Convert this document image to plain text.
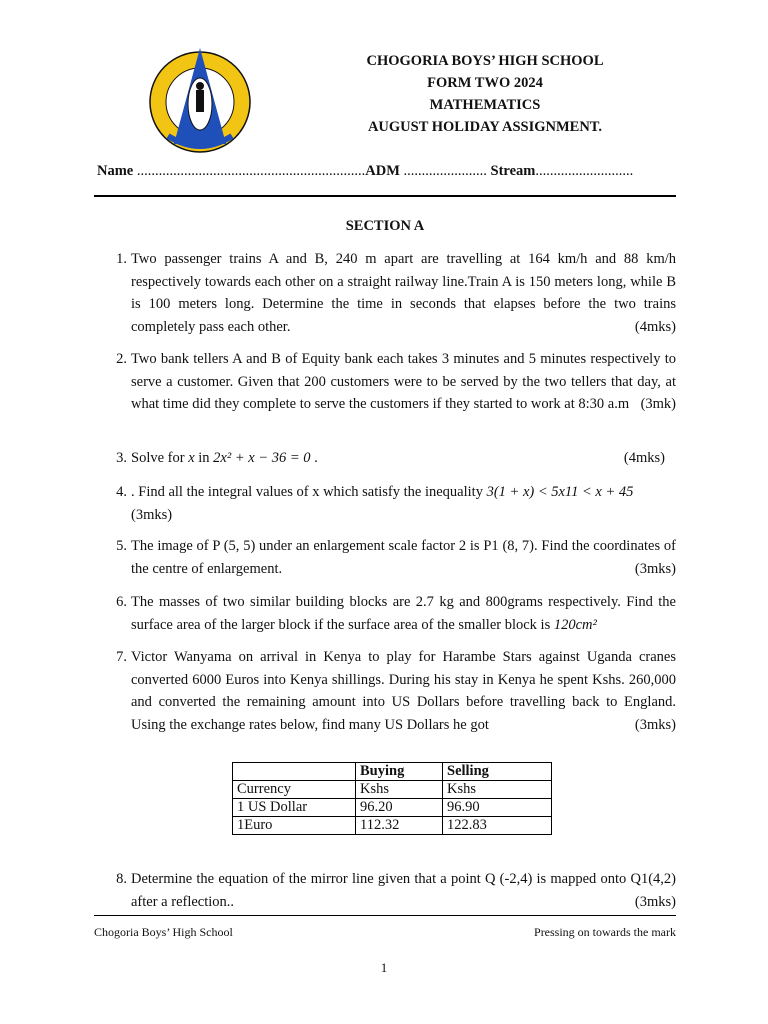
CHOGORIA BOYS’ HIGH SCHOOL
FORM TWO 2024
MATHEMATICS
AUGUST HOLIDAY ASSIGNMENT.
Name ...............................................................ADM ....................... Stream...........................
SECTION A
1. Two passenger trains A and B, 240 m apart are travelling at 164 km/h and 88 km/h respectively towards each other on a straight railway line.Train A is 150 meters long, while B is 100 meters long. Determine the time in seconds that elapses before the two trains completely pass each other.	(4mks)
2. Two bank tellers A and B of Equity bank each takes 3 minutes and 5 minutes respectively to serve a customer. Given that 200 customers were to be served by the two tellers that day, at what time did they complete to serve the customers if they started to work at 8:30 a.m (3mk)
3. Solve for x in 2x² + x − 36 = 0 .	(4mks)
4. . Find all the integral values of x which satisfy the inequality 3(1 + x) < 5x11 < x + 45
(3mks)
5. The image of P (5, 5) under an enlargement scale factor 2 is P1 (8, 7). Find the coordinates of the centre of enlargement.	(3mks)
6. The masses of two similar building blocks are 2.7 kg and 800grams respectively. Find the surface area of the larger block if the surface area of the smaller block is 120cm²
7. Victor Wanyama on arrival in Kenya to play for Harambe Stars against Uganda cranes converted 6000 Euros into Kenya shillings. During his stay in Kenya he spent Kshs. 260,000 and converted the remaining amount into US Dollars before travelling back to England. Using the exchange rates below, find many US Dollars he got	(3mks)
	Buying	Selling
Currency	Kshs	Kshs
1 US Dollar	96.20	96.90
1Euro	112.32	122.83
8. Determine the equation of the mirror line given that a point Q (-2,4) is mapped onto Q1(4,2) after a reflection..	(3mks)
Chogoria Boys’ High School	Pressing on towards the mark
1
